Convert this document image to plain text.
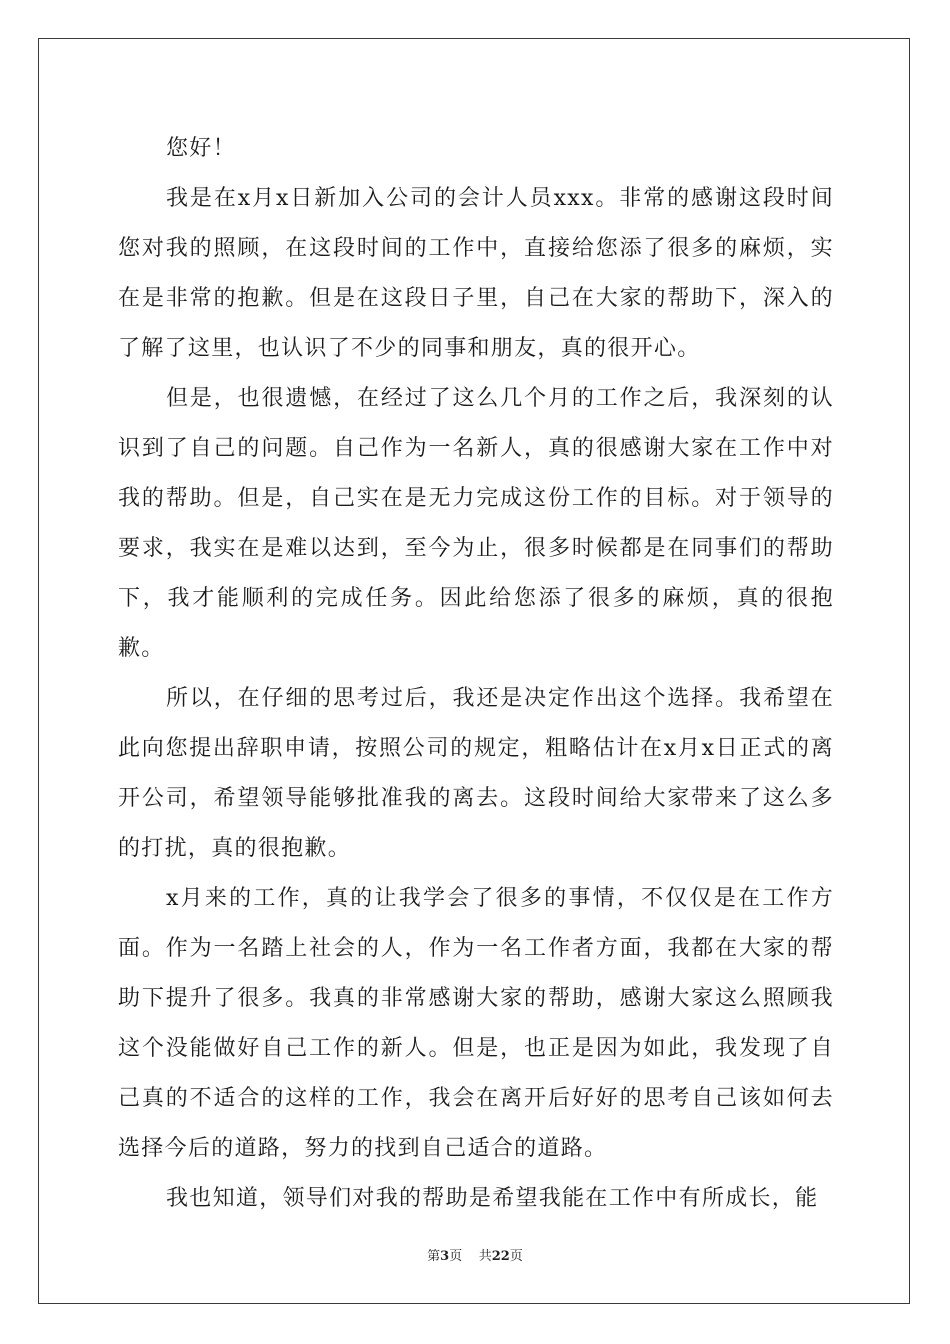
您好！

我是在x月x日新加入公司的会计人员xxx。非常的感谢这段时间您对我的照顾，在这段时间的工作中，直接给您添了很多的麻烦，实在是非常的抱歉。但是在这段日子里，自己在大家的帮助下，深入的了解了这里，也认识了不少的同事和朋友，真的很开心。

但是，也很遗憾，在经过了这么几个月的工作之后，我深刻的认识到了自己的问题。自己作为一名新人，真的很感谢大家在工作中对我的帮助。但是，自己实在是无力完成这份工作的目标。对于领导的要求，我实在是难以达到，至今为止，很多时候都是在同事们的帮助下，我才能顺利的完成任务。因此给您添了很多的麻烦，真的很抱歉。

所以，在仔细的思考过后，我还是决定作出这个选择。我希望在此向您提出辞职申请，按照公司的规定，粗略估计在x月x日正式的离开公司，希望领导能够批准我的离去。这段时间给大家带来了这么多的打扰，真的很抱歉。

x月来的工作，真的让我学会了很多的事情，不仅仅是在工作方面。作为一名踏上社会的人，作为一名工作者方面，我都在大家的帮助下提升了很多。我真的非常感谢大家的帮助，感谢大家这么照顾我这个没能做好自己工作的新人。但是，也正是因为如此，我发现了自己真的不适合的这样的工作，我会在离开后好好的思考自己该如何去选择今后的道路，努力的找到自己适合的道路。

我也知道，领导们对我的帮助是希望我能在工作中有所成长，能

第3页 共22页
